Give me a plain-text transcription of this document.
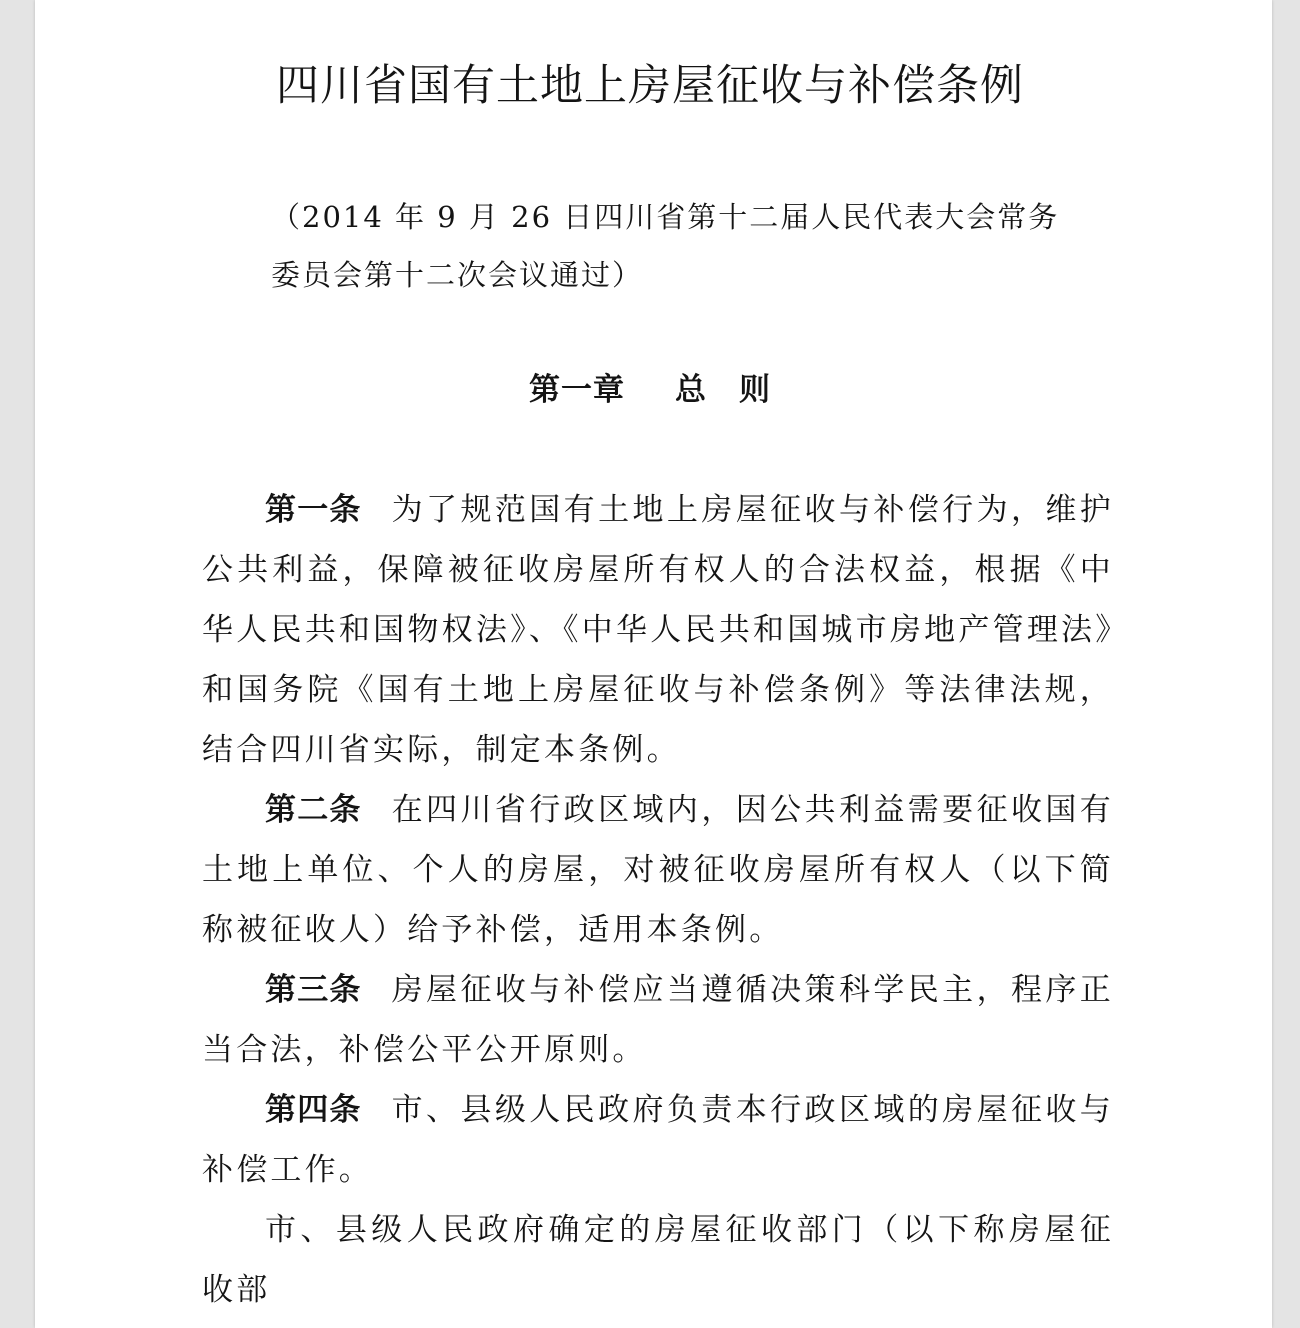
四川省国有土地上房屋征收与补偿条例
（2014 年 9 月 26 日四川省第十二届人民代表大会常务
委员会第十二次会议通过）
第一章 总　则

第一条 为了规范国有土地上房屋征收与补偿行为，维护公共利益，保障被征收房屋所有权人的合法权益，根据《中华人民共和国物权法》、《中华人民共和国城市房地产管理法》和国务院《国有土地上房屋征收与补偿条例》等法律法规，结合四川省实际，制定本条例。

第二条 在四川省行政区域内，因公共利益需要征收国有土地上单位、个人的房屋，对被征收房屋所有权人（以下简称被征收人）给予补偿，适用本条例。

第三条 房屋征收与补偿应当遵循决策科学民主，程序正当合法，补偿公平公开原则。

第四条 市、县级人民政府负责本行政区域的房屋征收与补偿工作。

市、县级人民政府确定的房屋征收部门（以下称房屋征收部
